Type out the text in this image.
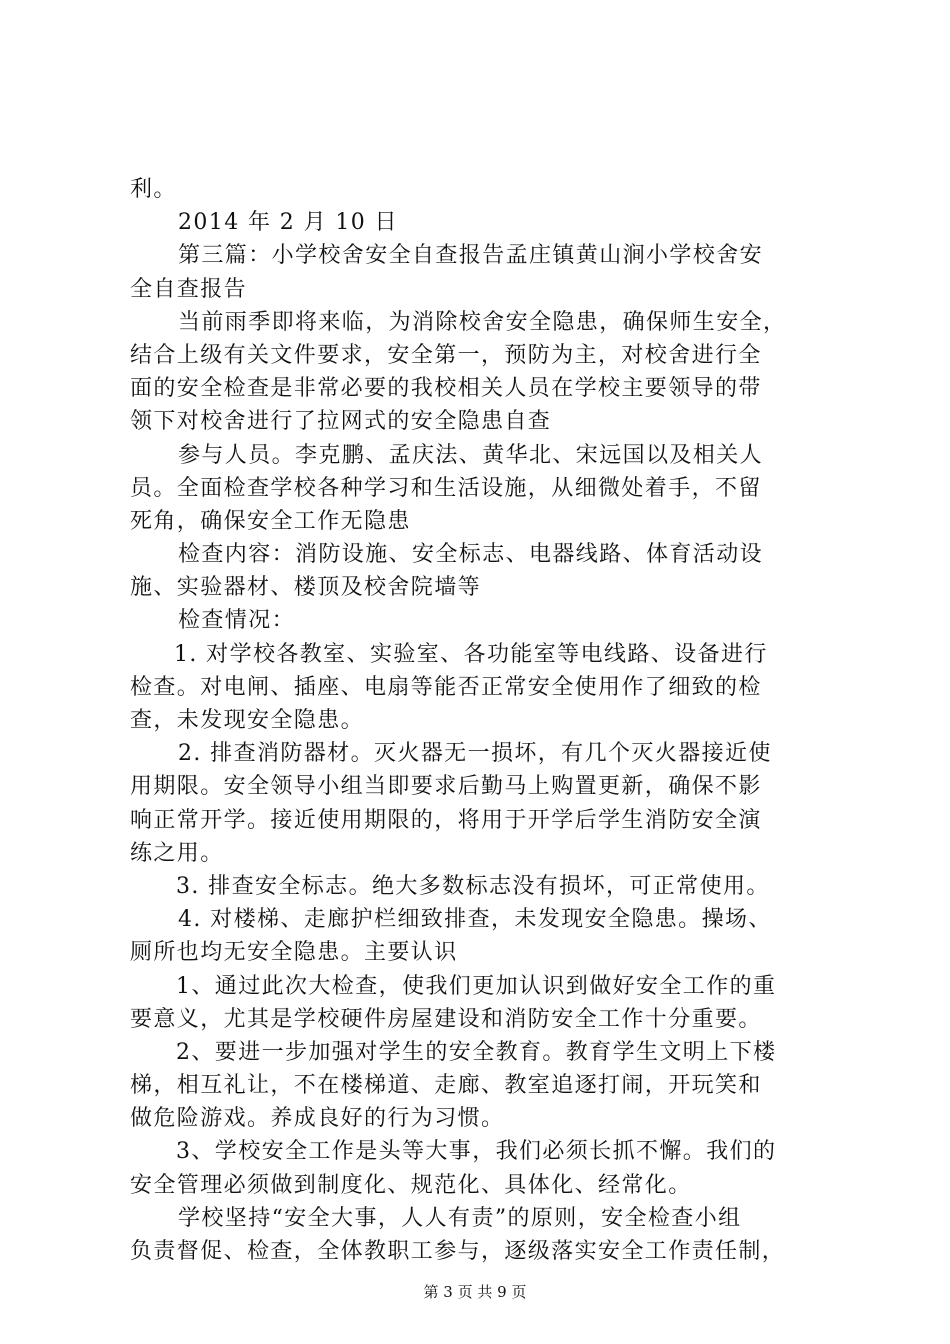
利。
2014 年 2 月 10 日
第三篇：小学校舍安全自查报告孟庄镇黄山涧小学校舍安
全自查报告
当前雨季即将来临，为消除校舍安全隐患，确保师生安全，
结合上级有关文件要求，安全第一，预防为主，对校舍进行全
面的安全检查是非常必要的我校相关人员在学校主要领导的带
领下对校舍进行了拉网式的安全隐患自查
参与人员。李克鹏、孟庆法、黄华北、宋远国以及相关人
员。全面检查学校各种学习和生活设施，从细微处着手，不留
死角，确保安全工作无隐患
检查内容：消防设施、安全标志、电器线路、体育活动设
施、实验器材、楼顶及校舍院墙等
检查情况：
1. 对学校各教室、实验室、各功能室等电线路、设备进行
检查。对电闸、插座、电扇等能否正常安全使用作了细致的检
查，未发现安全隐患。
2. 排查消防器材。灭火器无一损坏，有几个灭火器接近使
用期限。安全领导小组当即要求后勤马上购置更新，确保不影
响正常开学。接近使用期限的，将用于开学后学生消防安全演
练之用。
3. 排查安全标志。绝大多数标志没有损坏，可正常使用。
4. 对楼梯、走廊护栏细致排查，未发现安全隐患。操场、
厕所也均无安全隐患。主要认识
1、通过此次大检查，使我们更加认识到做好安全工作的重
要意义，尤其是学校硬件房屋建设和消防安全工作十分重要。
2、要进一步加强对学生的安全教育。教育学生文明上下楼
梯，相互礼让，不在楼梯道、走廊、教室追逐打闹，开玩笑和
做危险游戏。养成良好的行为习惯。
3、学校安全工作是头等大事，我们必须长抓不懈。我们的
安全管理必须做到制度化、规范化、具体化、经常化。
学校坚持“安全大事，人人有责”的原则，安全检查小组
负责督促、检查，全体教职工参与，逐级落实安全工作责任制，
第 3 页 共 9 页
